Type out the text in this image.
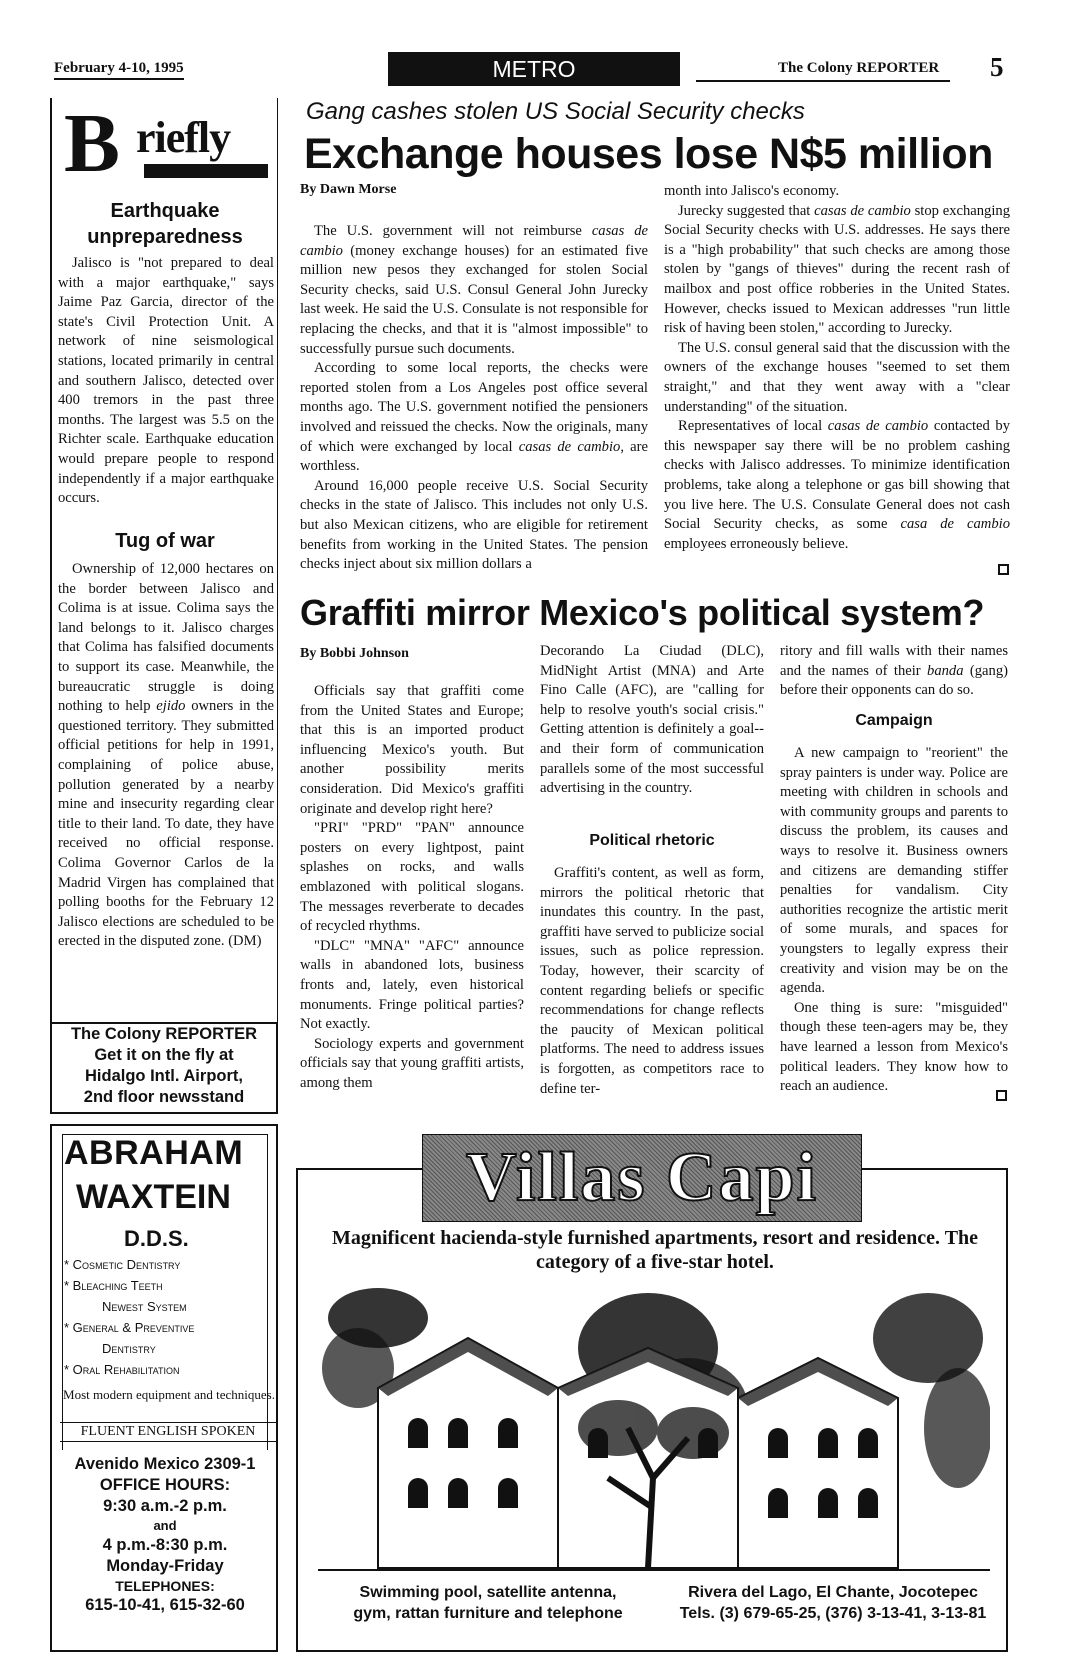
February 4-10, 1995	METRO	The Colony REPORTER 5
B riefly
Earthquake unpreparedness

Jalisco is "not prepared to deal with a major earthquake," says Jaime Paz Garcia, director of the state's Civil Protection Unit. A network of nine seismological stations, located primarily in central and southern Jalisco, detected over 400 tremors in the past three months. The largest was 5.5 on the Richter scale. Earthquake education would prepare people to respond independently if a major earthquake occurs.

Tug of war

Ownership of 12,000 hectares on the border between Jalisco and Colima is at issue. Colima says the land belongs to it. Jalisco charges that Colima has falsified documents to support its case. Meanwhile, the bureaucratic struggle is doing nothing to help ejido owners in the questioned territory. They submitted official petitions for help in 1991, complaining of police abuse, pollution generated by a nearby mine and insecurity regarding clear title to their land. To date, they have received no official response. Colima Governor Carlos de la Madrid Virgen has complained that polling booths for the February 12 Jalisco elections are scheduled to be erected in the disputed zone. (DM)

The Colony REPORTER
Get it on the fly at
Hidalgo Intl. Airport,
2nd floor newsstand
ABRAHAM
WAXTEIN
D.D.S.
* Cosmetic Dentistry
* Bleaching Teeth
Newest System
* General & Preventive
Dentistry
* Oral Rehabilitation
Most modern equipment and techniques.
FLUENT ENGLISH SPOKEN
Avenido Mexico 2309-1
OFFICE HOURS:
9:30 a.m.-2 p.m.
and
4 p.m.-8:30 p.m.
Monday-Friday
TELEPHONES:
615-10-41, 615-32-60
Gang cashes stolen US Social Security checks
Exchange houses lose N$5 million
By Dawn Morse

The U.S. government will not reimburse casas de cambio (money exchange houses) for an estimated five million new pesos they exchanged for stolen Social Security checks, said U.S. Consul General John Jurecky last week. He said the U.S. Consulate is not responsible for replacing the checks, and that it is "almost impossible" to successfully pursue such documents.

According to some local reports, the checks were reported stolen from a Los Angeles post office several months ago. The U.S. government notified the pensioners involved and reissued the checks. Now the originals, many of which were exchanged by local casas de cambio, are worthless.

Around 16,000 people receive U.S. Social Security checks in the state of Jalisco. This includes not only U.S. but also Mexican citizens, who are eligible for retirement benefits from working in the United States. The pension checks inject about six million dollars a

month into Jalisco's economy.

Jurecky suggested that casas de cambio stop exchanging Social Security checks with U.S. addresses. He says there is a "high probability" that such checks are among those stolen by "gangs of thieves" during the recent rash of mailbox and post office robberies in the United States. However, checks issued to Mexican addresses "run little risk of having been stolen," according to Jurecky.

The U.S. consul general said that the discussion with the owners of the exchange houses "seemed to set them straight," and that they went away with a "clear understanding" of the situation.

Representatives of local casas de cambio contacted by this newspaper say there will be no problem cashing checks with Jalisco addresses. To minimize identification problems, take along a telephone or gas bill showing that you live here. The U.S. Consulate General does not cash Social Security checks, as some casa de cambio employees erroneously believe.

Graffiti mirror Mexico's political system?
By Bobbi Johnson

Officials say that graffiti come from the United States and Europe; that this is an imported product influencing Mexico's youth. But another possibility merits consideration. Did Mexico's graffiti originate and develop right here?

"PRI" "PRD" "PAN" announce posters on every lightpost, paint splashes on rocks, and walls emblazoned with political slogans. The messages reverberate to decades of recycled rhythms.

"DLC" "MNA" "AFC" announce walls in abandoned lots, business fronts and, lately, even historical monuments. Fringe political parties? Not exactly.

Sociology experts and government officials say that young graffiti artists, among them

Decorando La Ciudad (DLC), MidNight Artist (MNA) and Arte Fino Calle (AFC), are "calling for help to resolve youth's social crisis." Getting attention is definitely a goal--and their form of communication parallels some of the most successful advertising in the country.

Political rhetoric

Graffiti's content, as well as form, mirrors the political rhetoric that inundates this country. In the past, graffiti have served to publicize social issues, such as police repression. Today, however, their scarcity of content regarding beliefs or specific recommendations for change reflects the paucity of Mexican political platforms. The need to address issues is forgotten, as competitors race to define ter-

ritory and fill walls with their names and the names of their banda (gang) before their opponents can do so.

Campaign

A new campaign to "reorient" the spray painters is under way. Police are meeting with children in schools and with community groups and parents to discuss the problem, its causes and ways to resolve it. Business owners and citizens are demanding stiffer penalties for vandalism. City authorities recognize the artistic merit of some murals, and spaces for youngsters to legally express their creativity and vision may be on the agenda.

One thing is sure: "misguided" though these teen-agers may be, they have learned a lesson from Mexico's political leaders. They know how to reach an audience.

Villas Capi
Magnificent hacienda-style furnished apartments, resort and residence. The category of a five-star hotel.
Swimming pool, satellite antenna,
gym, rattan furniture and telephone
Rivera del Lago, El Chante, Jocotepec
Tels. (3) 679-65-25, (376) 3-13-41, 3-13-81
